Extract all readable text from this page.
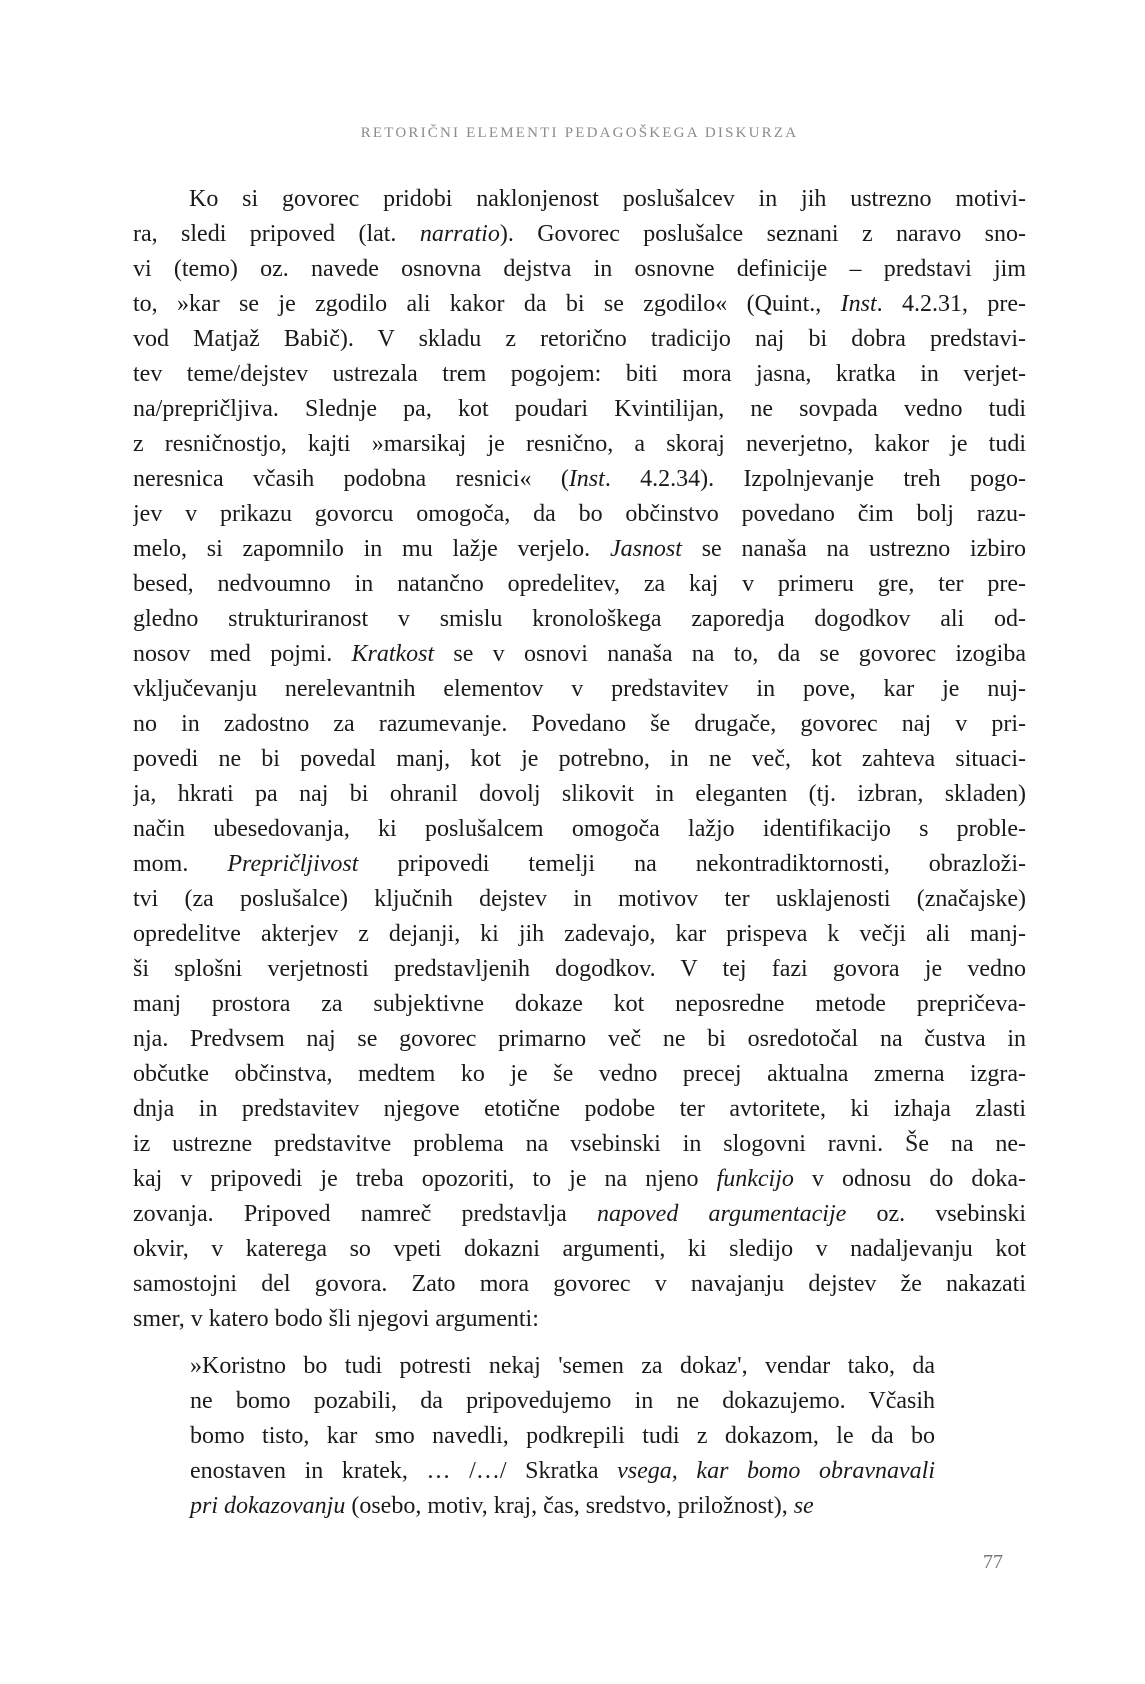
RETORIČNI ELEMENTI PEDAGOŠKEGA DISKURZA
Ko si govorec pridobi naklonjenost poslušalcev in jih ustrezno motivi-
ra, sledi pripoved (lat. narratio). Govorec poslušalce seznani z naravo sno-
vi (temo) oz. navede osnovna dejstva in osnovne definicije – predstavi jim
to, »kar se je zgodilo ali kakor da bi se zgodilo« (Quint., Inst. 4.2.31, pre-
vod Matjaž Babič). V skladu z retorično tradicijo naj bi dobra predstavi-
tev teme/dejstev ustrezala trem pogojem: biti mora jasna, kratka in verjet-
na/prepričljiva. Slednje pa, kot poudari Kvintilijan, ne sovpada vedno tudi
z resničnostjo, kajti »marsikaj je resnično, a skoraj neverjetno, kakor je tudi
neresnica včasih podobna resnici« (Inst. 4.2.34). Izpolnjevanje treh pogo-
jev v prikazu govorcu omogoča, da bo občinstvo povedano čim bolj razu-
melo, si zapomnilo in mu lažje verjelo. Jasnost se nanaša na ustrezno izbiro
besed, nedvoumno in natančno opredelitev, za kaj v primeru gre, ter pre-
gledno strukturiranost v smislu kronološkega zaporedja dogodkov ali od-
nosov med pojmi. Kratkost se v osnovi nanaša na to, da se govorec izogiba
vključevanju nerelevantnih elementov v predstavitev in pove, kar je nuj-
no in zadostno za razumevanje. Povedano še drugače, govorec naj v pri-
povedi ne bi povedal manj, kot je potrebno, in ne več, kot zahteva situaci-
ja, hkrati pa naj bi ohranil dovolj slikovit in eleganten (tj. izbran, skladen)
način ubesedovanja, ki poslušalcem omogoča lažjo identifikacijo s proble-
mom. Prepričljivost pripovedi temelji na nekontradiktornosti, obrazloži-
tvi (za poslušalce) ključnih dejstev in motivov ter usklajenosti (značajske)
opredelitve akterjev z dejanji, ki jih zadevajo, kar prispeva k večji ali manj-
ši splošni verjetnosti predstavljenih dogodkov. V tej fazi govora je vedno
manj prostora za subjektivne dokaze kot neposredne metode prepričeva-
nja. Predvsem naj se govorec primarno več ne bi osredotočal na čustva in
občutke občinstva, medtem ko je še vedno precej aktualna zmerna izgra-
dnja in predstavitev njegove etotične podobe ter avtoritete, ki izhaja zlasti
iz ustrezne predstavitve problema na vsebinski in slogovni ravni. Še na ne-
kaj v pripovedi je treba opozoriti, to je na njeno funkcijo v odnosu do doka-
zovanja. Pripoved namreč predstavlja napoved argumentacije oz. vsebinski
okvir, v katerega so vpeti dokazni argumenti, ki sledijo v nadaljevanju kot
samostojni del govora. Zato mora govorec v navajanju dejstev že nakazati
smer, v katero bodo šli njegovi argumenti:
»Koristno bo tudi potresti nekaj 'semen za dokaz', vendar tako, da
ne bomo pozabili, da pripovedujemo in ne dokazujemo. Včasih
bomo tisto, kar smo navedli, podkrepili tudi z dokazom, le da bo
enostaven in kratek, … /…/ Skratka vsega, kar bomo obravnavali
pri dokazovanju (osebo, motiv, kraj, čas, sredstvo, priložnost), se
77
